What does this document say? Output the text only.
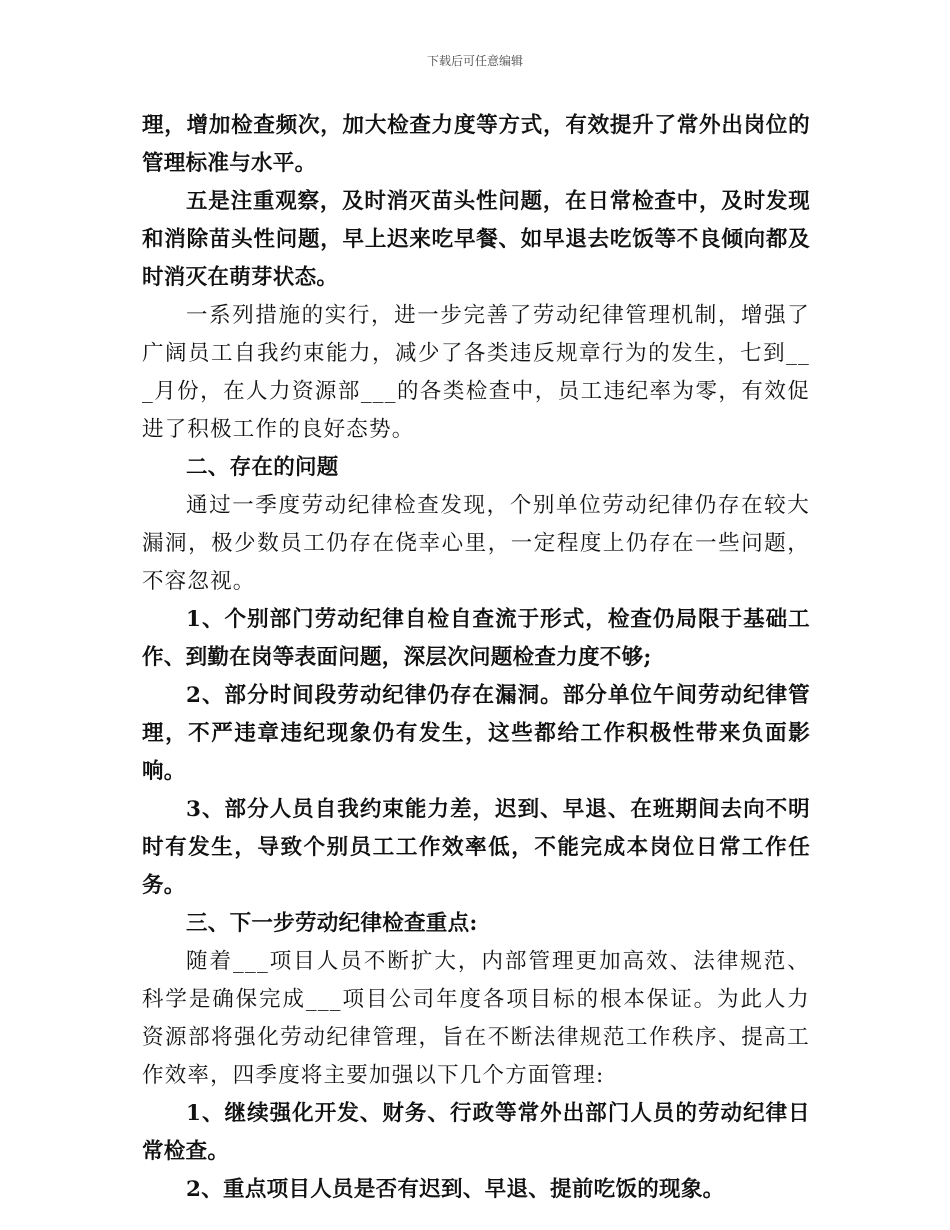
下载后可任意编辑

理，增加检查频次，加大检查力度等方式，有效提升了常外出岗位的管理标准与水平。

五是注重观察，及时消灭苗头性问题，在日常检查中，及时发现和消除苗头性问题，早上迟来吃早餐、如早退去吃饭等不良倾向都及时消灭在萌芽状态。

一系列措施的实行，进一步完善了劳动纪律管理机制，增强了广阔员工自我约束能力，减少了各类违反规章行为的发生，七到___月份，在人力资源部___的各类检查中，员工违纪率为零，有效促进了积极工作的良好态势。

二、存在的问题

通过一季度劳动纪律检查发现，个别单位劳动纪律仍存在较大漏洞，极少数员工仍存在侥幸心里，一定程度上仍存在一些问题，不容忽视。

1、个别部门劳动纪律自检自查流于形式，检查仍局限于基础工作、到勤在岗等表面问题，深层次问题检查力度不够;

2、部分时间段劳动纪律仍存在漏洞。部分单位午间劳动纪律管理，不严违章违纪现象仍有发生，这些都给工作积极性带来负面影响。

3、部分人员自我约束能力差，迟到、早退、在班期间去向不明时有发生，导致个别员工工作效率低，不能完成本岗位日常工作任务。

三、下一步劳动纪律检查重点:

随着___项目人员不断扩大，内部管理更加高效、法律规范、科学是确保完成___项目公司年度各项目标的根本保证。为此人力资源部将强化劳动纪律管理，旨在不断法律规范工作秩序、提高工作效率，四季度将主要加强以下几个方面管理:

1、继续强化开发、财务、行政等常外出部门人员的劳动纪律日常检查。

2、重点项目人员是否有迟到、早退、提前吃饭的现象。
